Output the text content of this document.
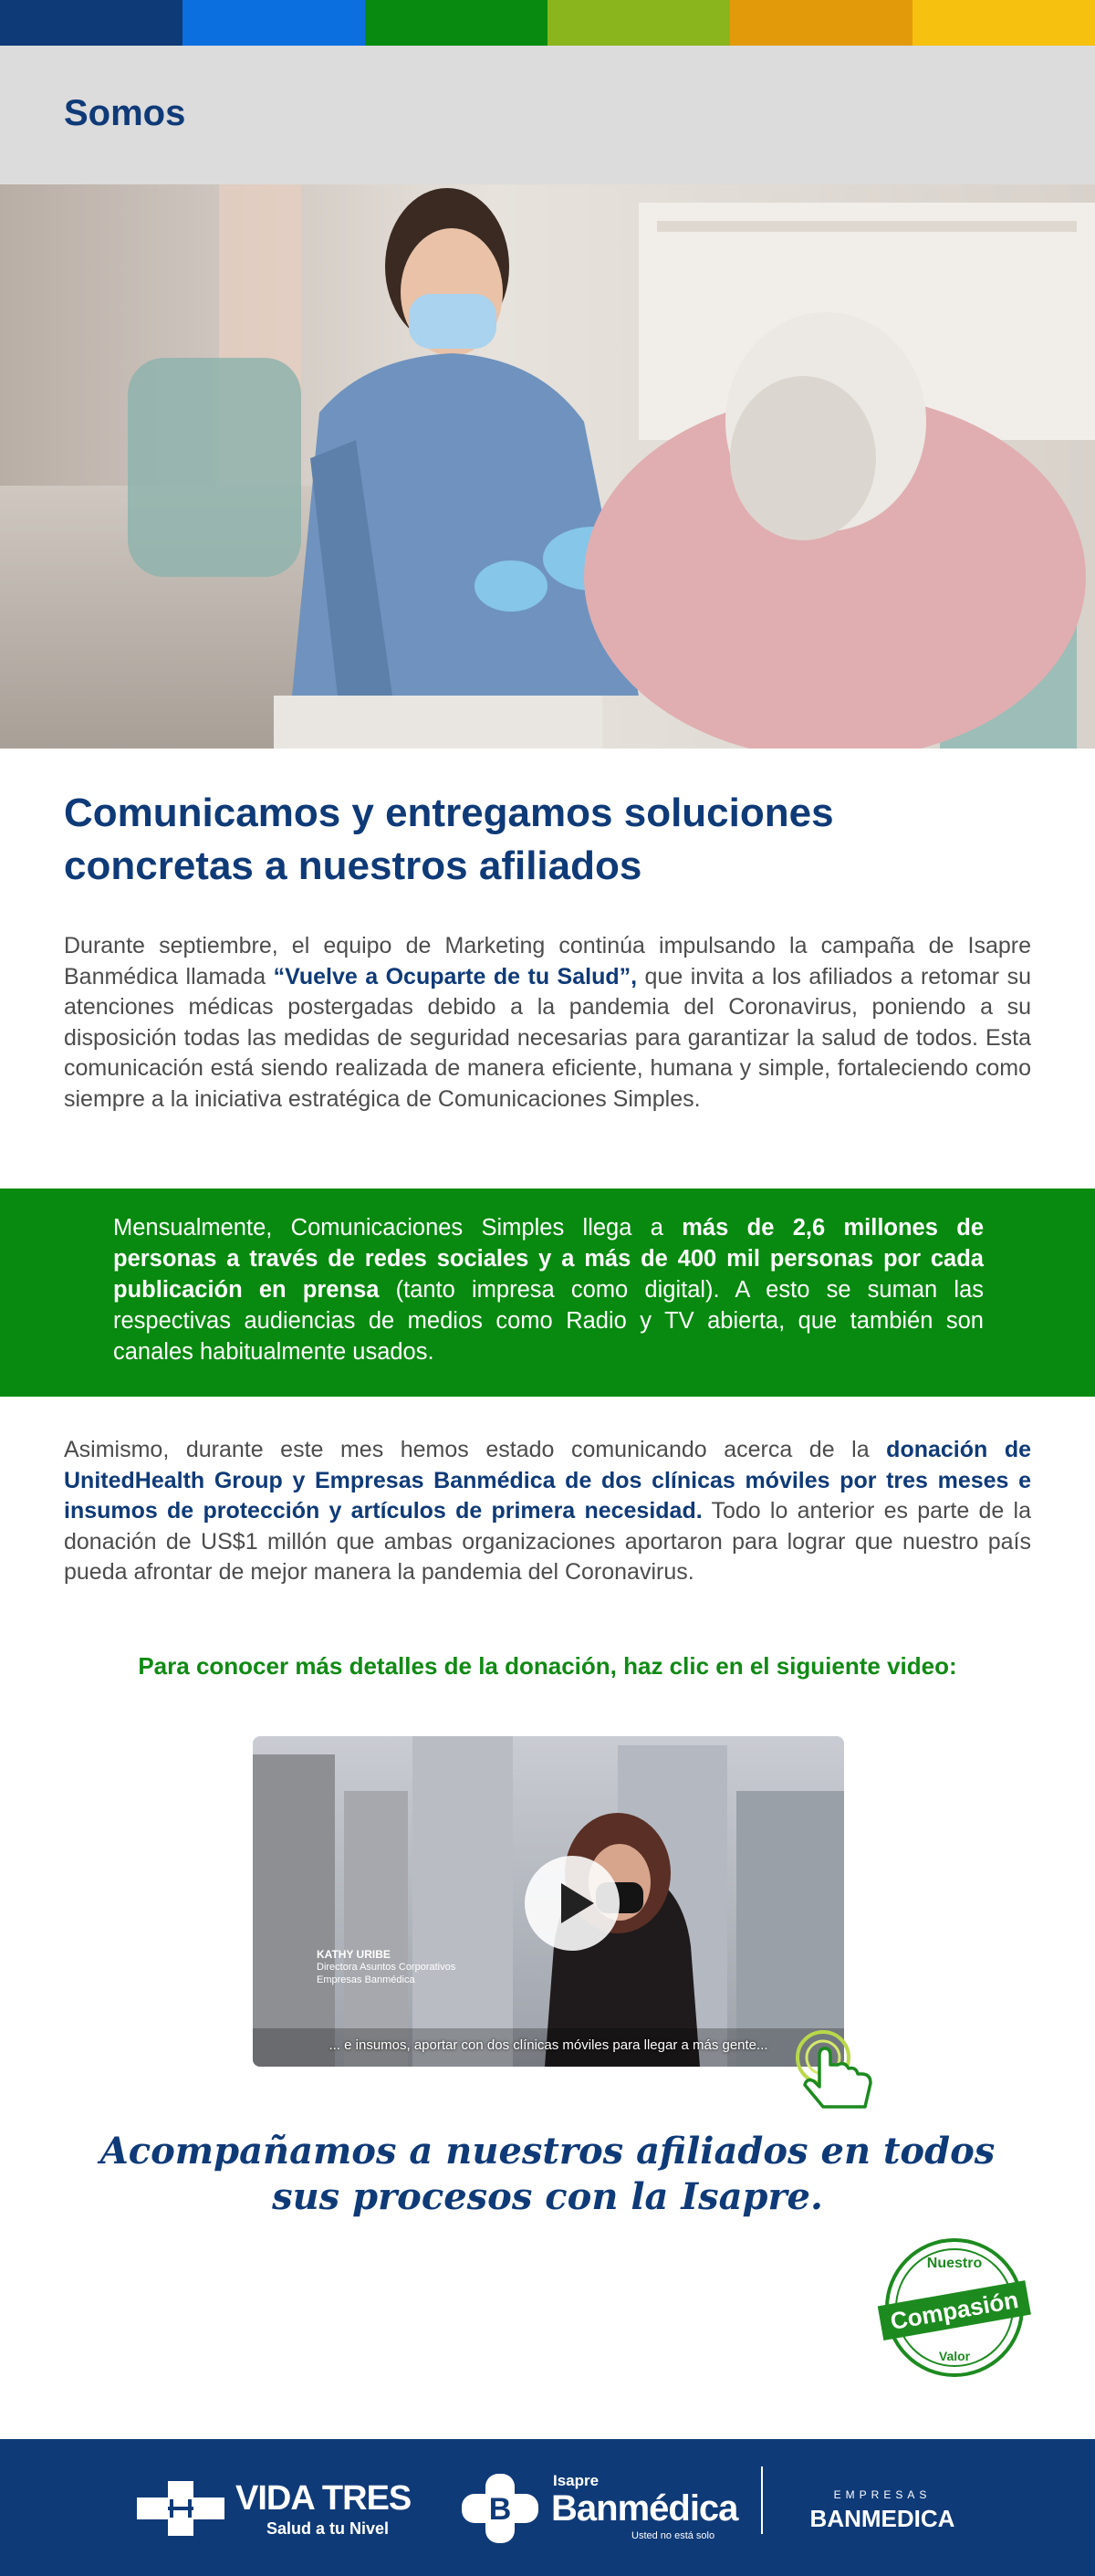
Somos
Comunicamos y entregamos soluciones
concretas a nuestros afiliados

Durante septiembre, el equipo de Marketing continúa impulsando la campaña de Isapre Banmédica llamada “Vuelve a Ocuparte de tu Salud”, que invita a los afiliados a retomar su atenciones médicas postergadas debido a la pandemia del Coronavirus, poniendo a su disposición todas las medidas de seguridad necesarias para garantizar la salud de todos. Esta comunicación está siendo realizada de manera eficiente, humana y simple, fortaleciendo como siempre a la iniciativa estratégica de Comunicaciones Simples.

Mensualmente, Comunicaciones Simples llega a más de 2,6 millones de personas a través de redes sociales y a más de 400 mil personas por cada publicación en prensa (tanto impresa como digital). A esto se suman las respectivas audiencias de medios como Radio y TV abierta, que también son canales habitualmente usados.

Asimismo, durante este mes hemos estado comunicando acerca de la donación de UnitedHealth Group y Empresas Banmédica de dos clínicas móviles por tres meses e insumos de protección y artículos de primera necesidad. Todo lo anterior es parte de la donación de US$1 millón que ambas organizaciones aportaron para lograr que nuestro país pueda afrontar de mejor manera la pandemia del Coronavirus.

Para conocer más detalles de la donación, haz clic en el siguiente video:
KATHY URIBE
Directora Asuntos Corporativos
Empresas Banmédica
... e insumos, aportar con dos clínicas móviles para llegar a más gente...
Acompañamos a nuestros afiliados en todos
sus procesos con la Isapre.
Nuestro
Compasión
Valor
VIDA TRES
Salud a tu Nivel
B
Isapre
Banmédica
Usted no está solo
EMPRESAS
BANMEDICA
